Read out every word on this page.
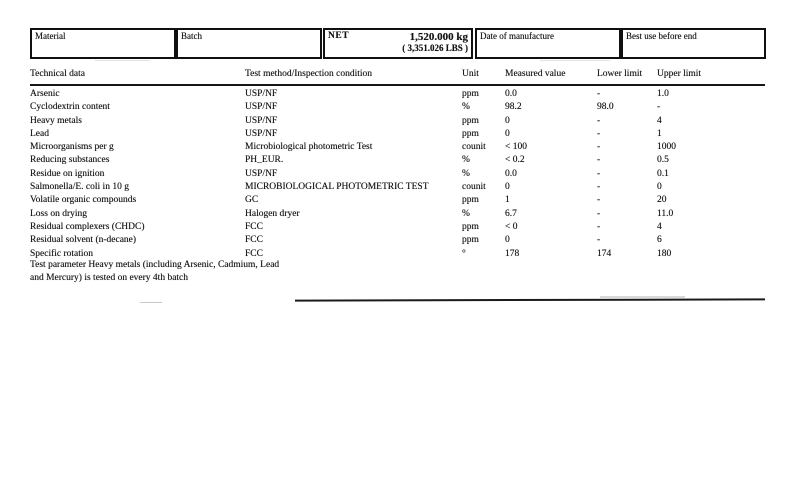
Material	Batch	NET	1,520.000 kg
( 3,351.026 LBS )
Date of manufacture	Best use before end
Technical data	Test method/Inspection condition	Unit	Measured value	Lower limit	Upper limit
Arsenic	USP/NF	ppm	0.0	-	1.0
Cyclodextrin content	USP/NF	%	98.2	98.0	-
Heavy metals	USP/NF	ppm	0	-	4
Lead	USP/NF	ppm	0	-	1
Microorganisms per g	Microbiological photometric Test	counit	< 100	-	1000
Reducing substances	PH_EUR.	%	< 0.2	-	0.5
Residue on ignition	USP/NF	%	0.0	-	0.1
Salmonella/E. coli in 10 g	MICROBIOLOGICAL PHOTOMETRIC TEST	counit	0	-	0
Volatile organic compounds	GC	ppm	1	-	20
Loss on drying	Halogen dryer	%	6.7	-	11.0
Residual complexers (CHDC)	FCC	ppm	< 0	-	4
Residual solvent (n-decane)	FCC	ppm	0	-	6
Specific rotation	FCC	°	178	174	180
Test parameter Heavy metals (including Arsenic, Cadmium, Lead
and Mercury) is tested on every 4th batch
